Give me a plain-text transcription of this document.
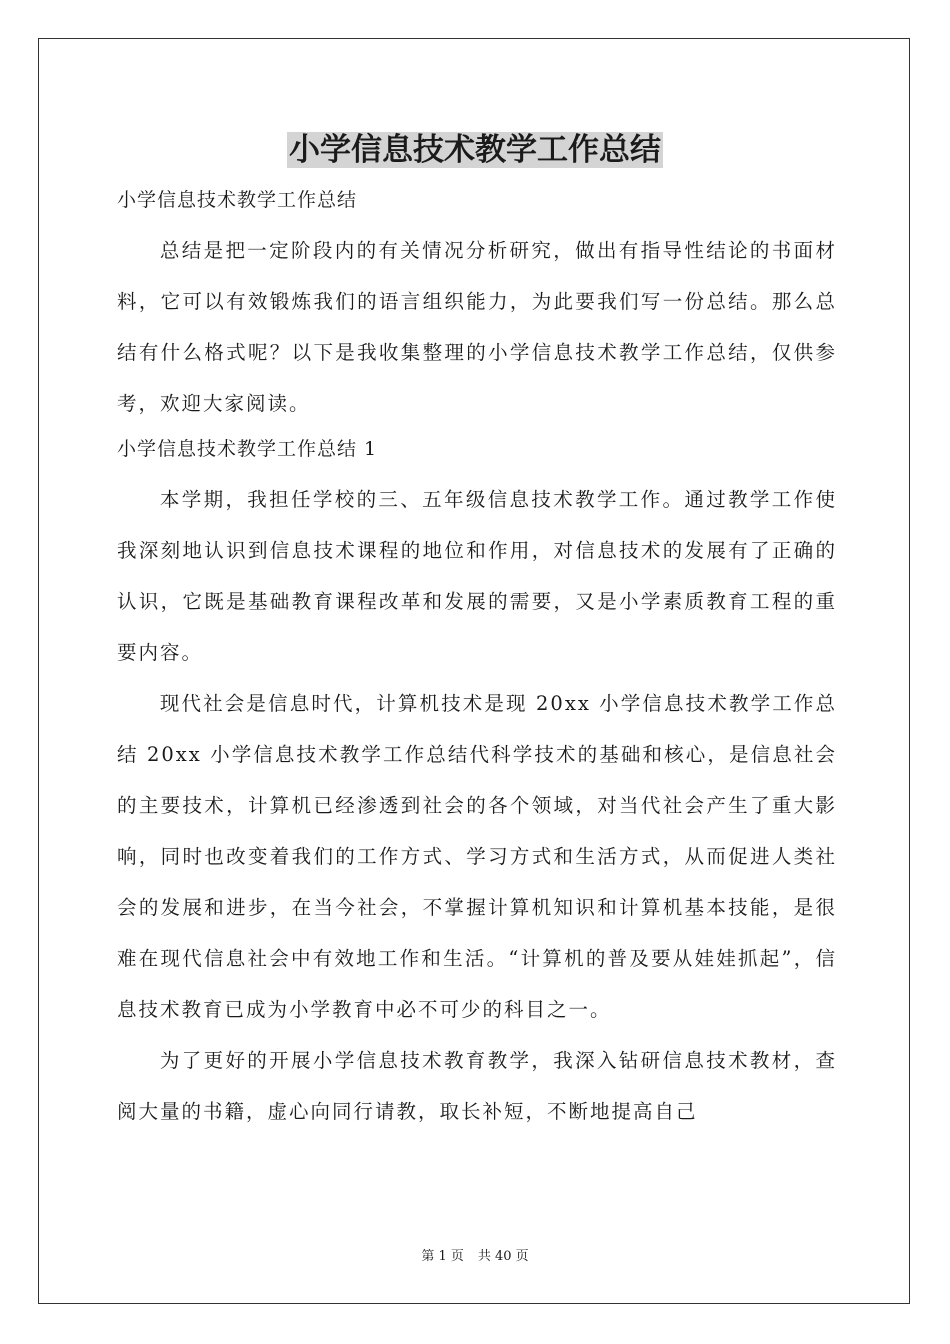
小学信息技术教学工作总结

小学信息技术教学工作总结

总结是把一定阶段内的有关情况分析研究，做出有指导性结论的书面材料，它可以有效锻炼我们的语言组织能力，为此要我们写一份总结。那么总结有什么格式呢？以下是我收集整理的小学信息技术教学工作总结，仅供参考，欢迎大家阅读。

小学信息技术教学工作总结 1

本学期，我担任学校的三、五年级信息技术教学工作。通过教学工作使我深刻地认识到信息技术课程的地位和作用，对信息技术的发展有了正确的认识，它既是基础教育课程改革和发展的需要，又是小学素质教育工程的重要内容。

现代社会是信息时代，计算机技术是现 20xx 小学信息技术教学工作总结 20xx 小学信息技术教学工作总结代科学技术的基础和核心，是信息社会的主要技术，计算机已经渗透到社会的各个领域，对当代社会产生了重大影响，同时也改变着我们的工作方式、学习方式和生活方式，从而促进人类社会的发展和进步，在当今社会，不掌握计算机知识和计算机基本技能，是很难在现代信息社会中有效地工作和生活。“计算机的普及要从娃娃抓起”，信息技术教育已成为小学教育中必不可少的科目之一。

为了更好的开展小学信息技术教育教学，我深入钻研信息技术教材，查阅大量的书籍，虚心向同行请教，取长补短，不断地提高自己

第 1 页 共 40 页
